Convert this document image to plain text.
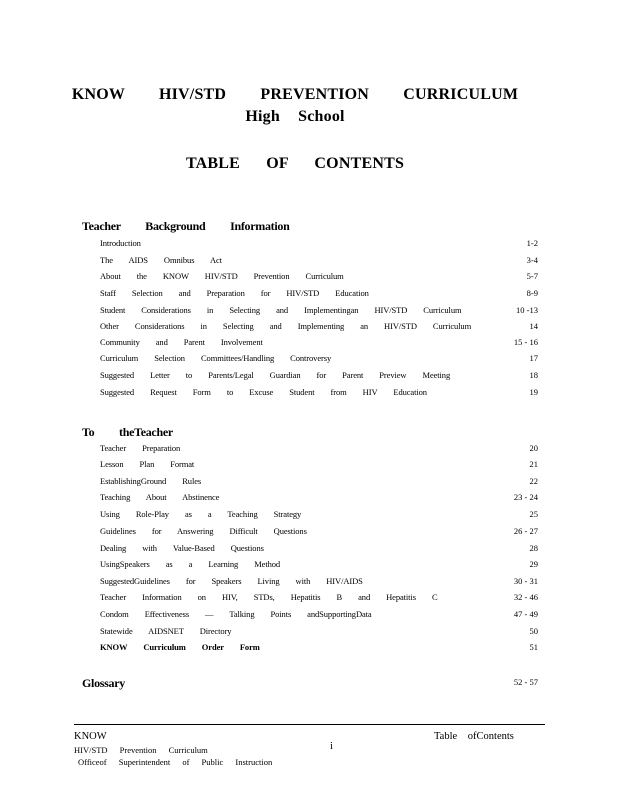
KNOW HIV/STD PREVENTION CURRICULUM
High School
TABLE OF CONTENTS
Teacher Background Information
Introduction	1-2
The AIDS Omnibus Act	3-4
About the KNOW HIV/STD Prevention Curriculum	5-7
Staff Selection and Preparation for HIV/STD Education	8-9
Student Considerations in Selecting and Implementingan HIV/STD Curriculum	10 -13
Other Considerations in Selecting and Implementing an HIV/STD Curriculum	14
Community and Parent Involvement	15 - 16
Curriculum Selection Committees/Handling Controversy	17
Suggested Letter to Parents/Legal Guardian for Parent Preview Meeting	18
Suggested Request Form to Excuse Student from HIV Education	19
To theTeacher
Teacher Preparation	20
Lesson Plan Format	21
EstablishingGround Rules	22
Teaching About Abstinence	23 - 24
Using Role-Play as a Teaching Strategy	25
Guidelines for Answering Difficult Questions	26 - 27
Dealing with Value-Based Questions	28
UsingSpeakers as a Learning Method	29
SuggestedGuidelines for Speakers Living with HIV/AIDS	30 - 31
Teacher Information on HIV, STDs, Hepatitis B and Hepatitis C	32 - 46
Condom Effectiveness — Talking Points andSupportingData	47 - 49
Statewide AIDSNET Directory	50
KNOW Curriculum Order Form	51
Glossary	52 - 57
KNOW
HIV/STD Prevention Curriculum
Officeof Superintendent of Public Instruction
i
Table ofContents
